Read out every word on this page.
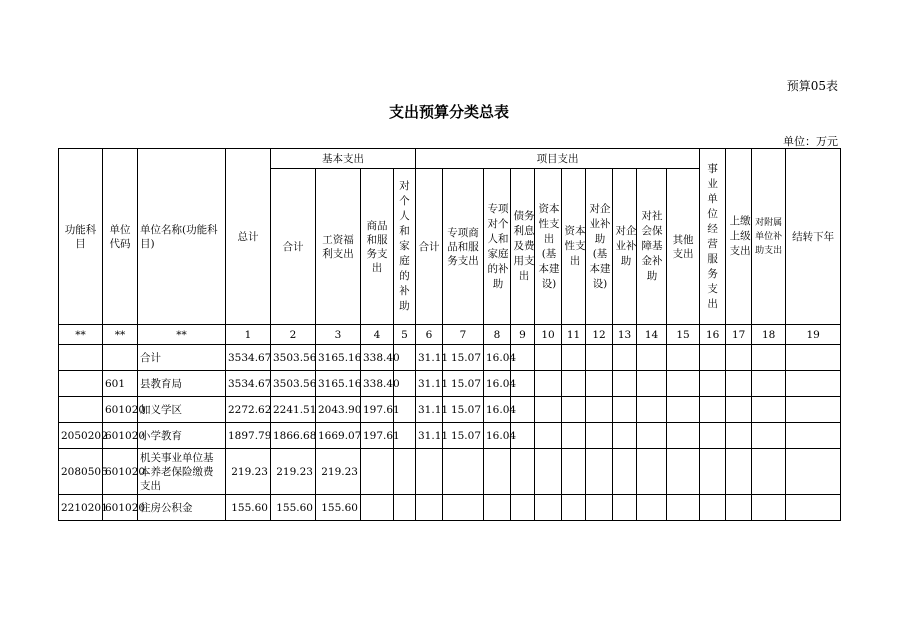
预算05表
支出预算分类总表
单位：万元
功能科目	单位代码	单位名称(功能科目)	总计	基本支出				项目支出										事业单位经营服务支出	上缴上级支出	对附属单位补助支出	结转下年
				合计	工资福利支出	商品和服务支出	对个人和家庭的补助	合计	专项商品和服务支出	专项对个人和家庭的补助	债务利息及费用支出	资本性支出(基本建设)	资本性支出	对企业补助(基本建设)	对企业补助	对社会保障基金补助	其他支出				
**	**	**	1	2	3	4	5	6	7	8	9	10	11	12	13	14	15	16	17	18	19
		合计	3534.67	3503.56	3165.16	338.40		31.11	15.07	16.04											
	601	县教育局	3534.67	3503.56	3165.16	338.40		31.11	15.07	16.04											
	601020	加义学区	2272.62	2241.51	2043.90	197.61		31.11	15.07	16.04											
2050202	601020	小学教育	1897.79	1866.68	1669.07	197.61		31.11	15.07	16.04											
2080505	601020	机关事业单位基本养老保险缴费支出	219.23	219.23	219.23																
2210201	601020	住房公积金	155.60	155.60	155.60																
